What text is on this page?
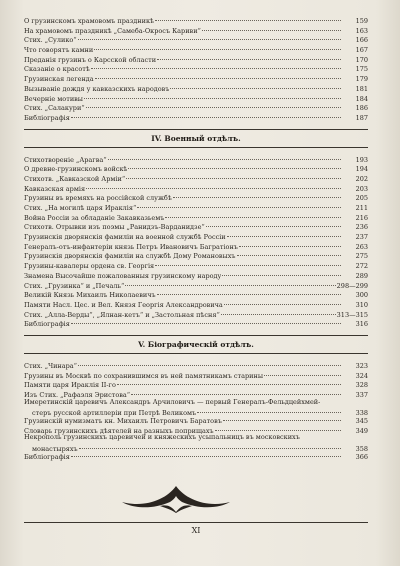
О грузинскомъ храмовомъ праздникѣ	159
На храмовомъ праздникѣ „Самеба-Окросъ Кариви“	163
Стих. „Сулико“	166
Что говорятъ камни	167
Преданія грузинъ о Карсской области	170
Сказаніе о красотѣ	175
Грузинская легенда	179
Вызываніе дождя у кавказскихъ народовъ	181
Вечерніе мотивы	184
Стих. „Салакури“	186
Библіографія	187
IV. Военный отдѣлъ.
Стихотвореніе „Арагва“	193
О древне-грузинскомъ войскѣ	194
Стихотв. „Кавказской Арміи“	202
Кавказская армія	203
Грузины въ времяхъ на россійской службѣ	205
Стих. „На могилѣ царя Ираклія“	211
Война Россіи за обладаніе Закавказьемъ	216
Стихотв. Отрывки изъ поэмы „Ранидзъ-Варданидзе“	236
Грузинскія дворянскія фамиліи на военной службѣ Россіи	237
Генералъ-отъ-инфантеріи князь Петръ Ивановичъ Багратіонъ	263
Грузинскія дворянскія фамиліи на службѣ Дому Романовыхъ	275
Грузины-кавалеры ордена св. Георгія	272
Знамена Высочайше пожалованныя грузинскому народу	289
Стих. „Грузинка“ и „Печаль“	298—299
Великій Князь Михаилъ Николаевичъ	300
Памяти Насл. Цес. и Вел. Князя Георгія Александровича	310
Стих. „Алла-Верды“, „Ялнан-кетъ“ и „Застольная пѣсня“	313—315
Библіографія	316
V. Біографическій отдѣлъ.
Стих. „Чинара“	323
Грузины въ Москвѣ по сохранившимся въ ней памятникамъ старины	324
Памяти царя Ираклія II-го	328
Изъ Стих. „Рафаэля Эристова“	337
Имеретинскій царевичъ Александръ Арчиловичъ — первый Генералъ-Фельдцейхмей-
стеръ русской артиллеріи при Петрѣ Великомъ	338
Грузинскій нумизматъ кн. Михаилъ Петровичъ Баратовъ	345
Словарь грузинскихъ дѣятелей на разныхъ поприщахъ	349
Некрополь грузинскихъ царевичей и княжескихъ усыпальницъ въ московскихъ
монастыряхъ	358
Библіографія	366
XI
